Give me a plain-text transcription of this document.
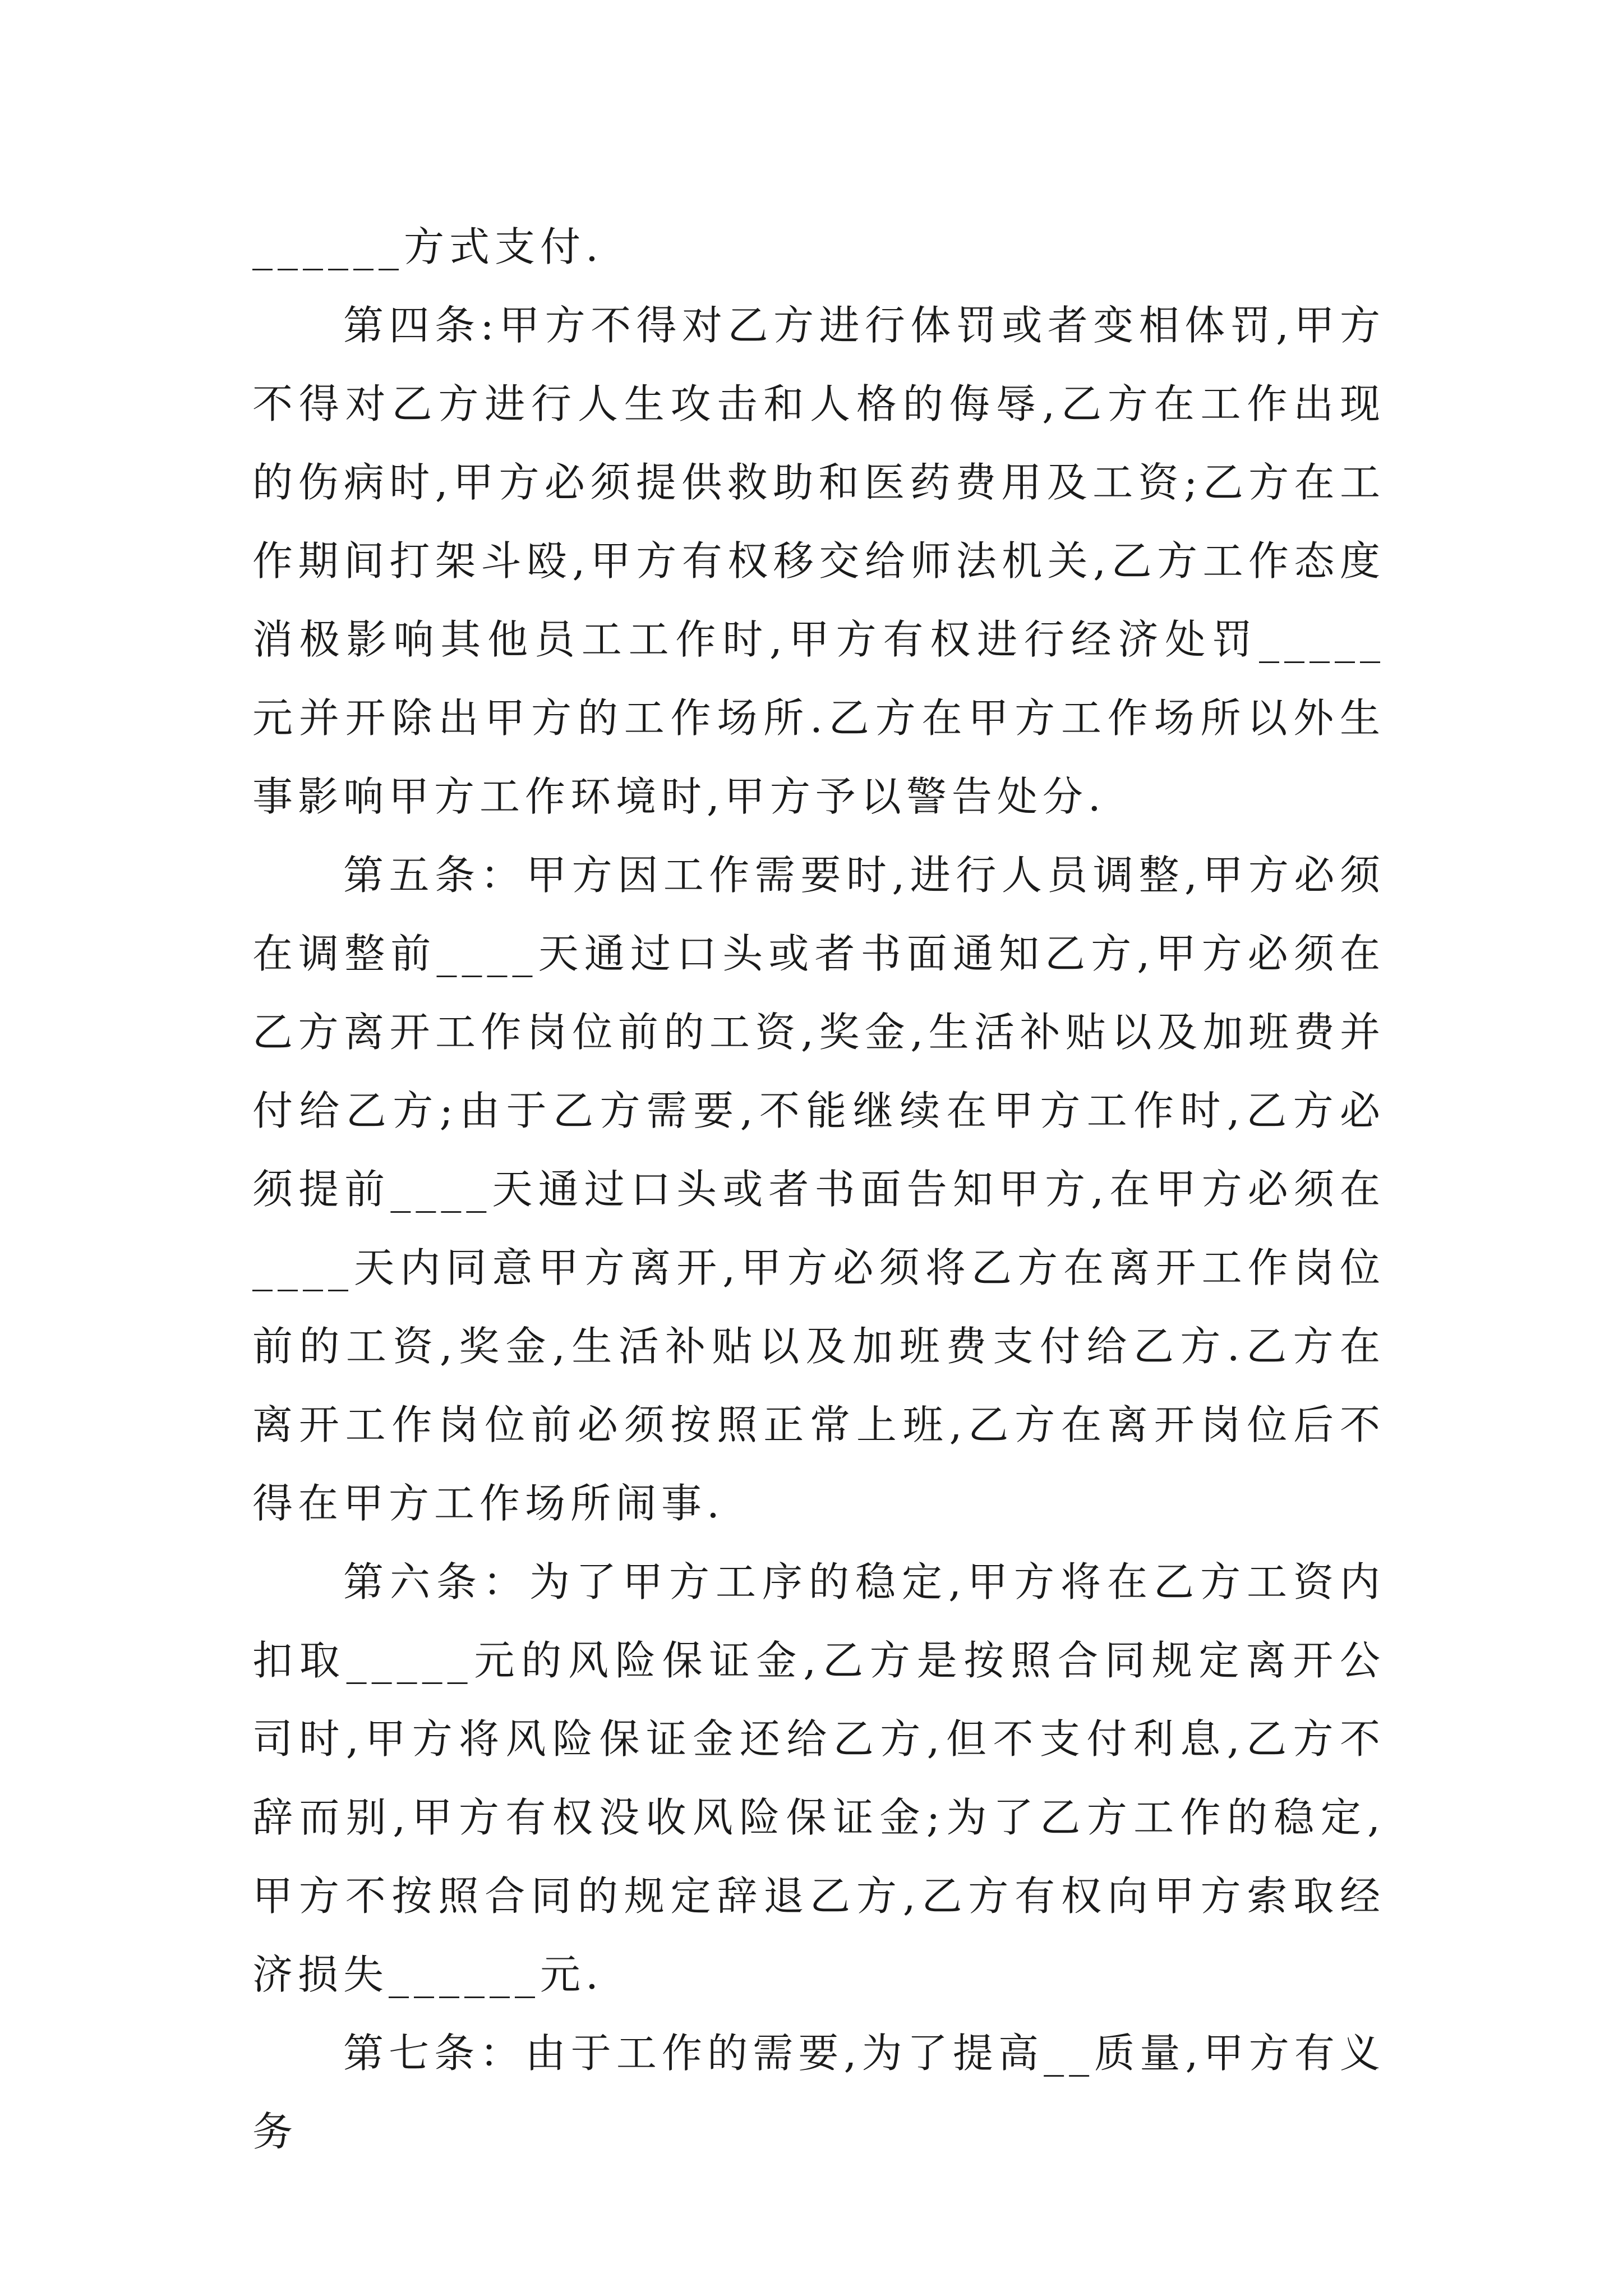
______方式支付.

第四条:甲方不得对乙方进行体罚或者变相体罚,甲方不得对乙方进行人生攻击和人格的侮辱,乙方在工作出现的伤病时,甲方必须提供救助和医药费用及工资;乙方在工作期间打架斗殴,甲方有权移交给师法机关,乙方工作态度消极影响其他员工工作时,甲方有权进行经济处罚_____元并开除出甲方的工作场所.乙方在甲方工作场所以外生事影响甲方工作环境时,甲方予以警告处分.

第五条：甲方因工作需要时,进行人员调整,甲方必须在调整前____天通过口头或者书面通知乙方,甲方必须在乙方离开工作岗位前的工资,奖金,生活补贴以及加班费并付给乙方;由于乙方需要,不能继续在甲方工作时,乙方必须提前____天通过口头或者书面告知甲方,在甲方必须在____天内同意甲方离开,甲方必须将乙方在离开工作岗位前的工资,奖金,生活补贴以及加班费支付给乙方.乙方在离开工作岗位前必须按照正常上班,乙方在离开岗位后不得在甲方工作场所闹事.

第六条：为了甲方工序的稳定,甲方将在乙方工资内扣取_____元的风险保证金,乙方是按照合同规定离开公司时,甲方将风险保证金还给乙方,但不支付利息,乙方不辞而别,甲方有权没收风险保证金;为了乙方工作的稳定,甲方不按照合同的规定辞退乙方,乙方有权向甲方索取经济损失______元.

第七条：由于工作的需要,为了提高__质量,甲方有义务
